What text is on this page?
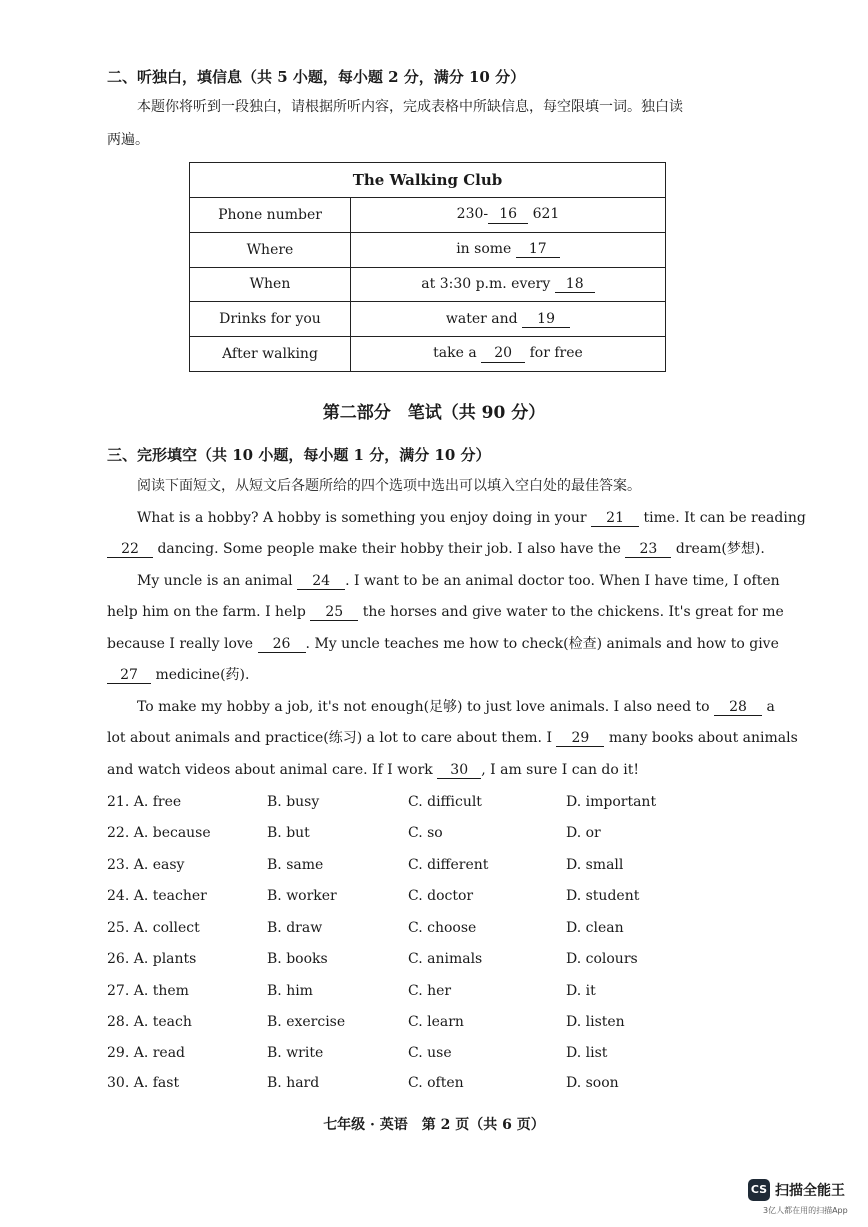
二、听独白，填信息（共 5 小题，每小题 2 分，满分 10 分）
本题你将听到一段独白，请根据所听内容，完成表格中所缺信息，每空限填一词。独白读
两遍。
The Walking Club	
Phone number	230- 16 621
Where	in some 17
When	at 3:30 p.m. every 18
Drinks for you	water and 19
After walking	take a 20 for free
第二部分　笔试（共 90 分）
三、完形填空（共 10 小题，每小题 1 分，满分 10 分）
阅读下面短文，从短文后各题所给的四个选项中选出可以填入空白处的最佳答案。
What is a hobby? A hobby is something you enjoy doing in your 21 time. It can be reading
22 dancing. Some people make their hobby their job. I also have the 23 dream(梦想).
My uncle is an animal 24 . I want to be an animal doctor too. When I have time, I often
help him on the farm. I help 25 the horses and give water to the chickens. It's great for me
because I really love 26 . My uncle teaches me how to check(检查) animals and how to give
27 medicine(药).
To make my hobby a job, it's not enough(足够) to just love animals. I also need to 28 a
lot about animals and practice(练习) a lot to care about them. I 29 many books about animals
and watch videos about animal care. If I work 30 , I am sure I can do it!
21. A. free	B. busy	C. difficult	D. important
22. A. because	B. but	C. so	D. or
23. A. easy	B. same	C. different	D. small
24. A. teacher	B. worker	C. doctor	D. student
25. A. collect	B. draw	C. choose	D. clean
26. A. plants	B. books	C. animals	D. colours
27. A. them	B. him	C. her	D. it
28. A. teach	B. exercise	C. learn	D. listen
29. A. read	B. write	C. use	D. list
30. A. fast	B. hard	C. often	D. soon
七年级 · 英语　第 2 页（共 6 页）
CS 扫描全能王
3亿人都在用的扫描App
